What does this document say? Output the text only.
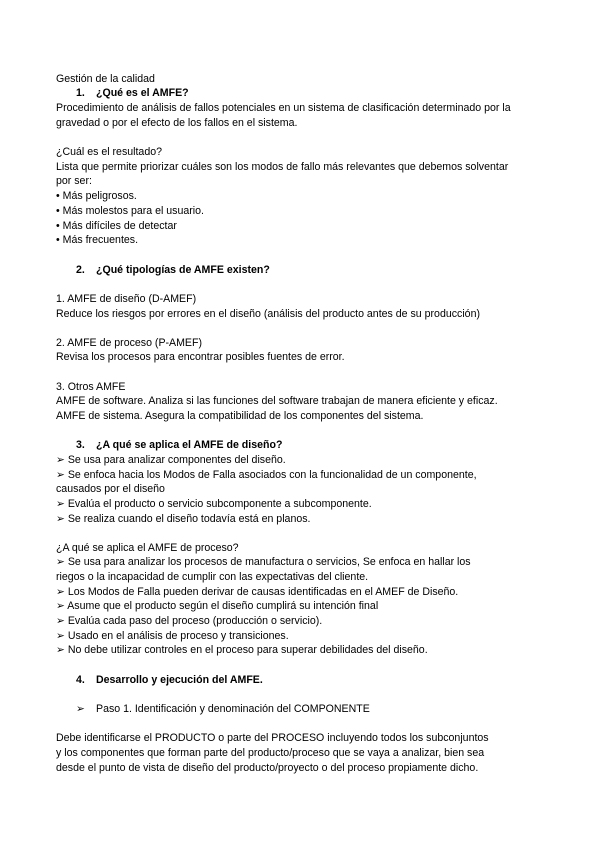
Gestión de la calidad
1. ¿Qué es el AMFE?
Procedimiento de análisis de fallos potenciales en un sistema de clasificación determinado por la
gravedad o por el efecto de los fallos en el sistema.
¿Cuál es el resultado?
Lista que permite priorizar cuáles son los modos de fallo más relevantes que debemos solventar
por ser:
• Más peligrosos.
• Más molestos para el usuario.
• Más difíciles de detectar
• Más frecuentes.
2. ¿Qué tipologías de AMFE existen?
1. AMFE de diseño (D-AMEF)
Reduce los riesgos por errores en el diseño (análisis del producto antes de su producción)
2. AMFE de proceso (P-AMEF)
Revisa los procesos para encontrar posibles fuentes de error.
3. Otros AMFE
AMFE de software. Analiza si las funciones del software trabajan de manera eficiente y eficaz.
AMFE de sistema. Asegura la compatibilidad de los componentes del sistema.
3. ¿A qué se aplica el AMFE de diseño?
➢ Se usa para analizar componentes del diseño.
➢ Se enfoca hacia los Modos de Falla asociados con la funcionalidad de un componente,
causados por el diseño
➢ Evalúa el producto o servicio subcomponente a subcomponente.
➢ Se realiza cuando el diseño todavía está en planos.
¿A qué se aplica el AMFE de proceso?
➢ Se usa para analizar los procesos de manufactura o servicios, Se enfoca en hallar los
riegos o la incapacidad de cumplir con las expectativas del cliente.
➢ Los Modos de Falla pueden derivar de causas identificadas en el AMEF de Diseño.
➢ Asume que el producto según el diseño cumplirá su intención final
➢ Evalúa cada paso del proceso (producción o servicio).
➢ Usado en el análisis de proceso y transiciones.
➢ No debe utilizar controles en el proceso para superar debilidades del diseño.
4. Desarrollo y ejecución del AMFE.
➢ Paso 1. Identificación y denominación del COMPONENTE
Debe identificarse el PRODUCTO o parte del PROCESO incluyendo todos los subconjuntos
y los componentes que forman parte del producto/proceso que se vaya a analizar, bien sea
desde el punto de vista de diseño del producto/proyecto o del proceso propiamente dicho.
